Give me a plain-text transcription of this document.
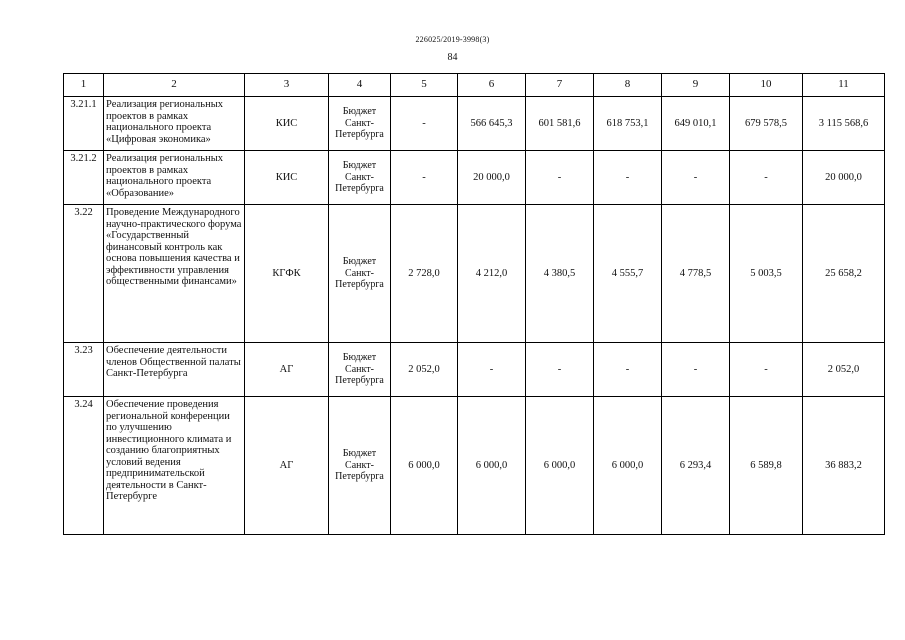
226025/2019-3998(3)
84
1	2	3	4	5	6	7	8	9	10	11
3.21.1	Реализация региональных проектов в рамках национального проекта «Цифровая экономика»	КИС	Бюджет
Санкт-
Петербурга	-	566 645,3	601 581,6	618 753,1	649 010,1	679 578,5	3 115 568,6
3.21.2	Реализация региональных проектов в рамках национального проекта «Образование»	КИС	Бюджет
Санкт-
Петербурга	-	20 000,0	-	-	-	-	20 000,0
3.22	Проведение Международного научно-практического форума «Государственный финансовый контроль как основа повышения качества и эффективности управления общественными финансами»	КГФК	Бюджет
Санкт-
Петербурга	2 728,0	4 212,0	4 380,5	4 555,7	4 778,5	5 003,5	25 658,2
3.23	Обеспечение деятельности членов Общественной палаты Санкт-Петербурга	АГ	Бюджет
Санкт-
Петербурга	2 052,0	-	-	-	-	-	2 052,0
3.24	Обеспечение проведения региональной конференции по улучшению инвестиционного климата и созданию благоприятных условий ведения предпринимательской деятельности в Санкт-Петербурге	АГ	Бюджет
Санкт-
Петербурга	6 000,0	6 000,0	6 000,0	6 000,0	6 293,4	6 589,8	36 883,2
